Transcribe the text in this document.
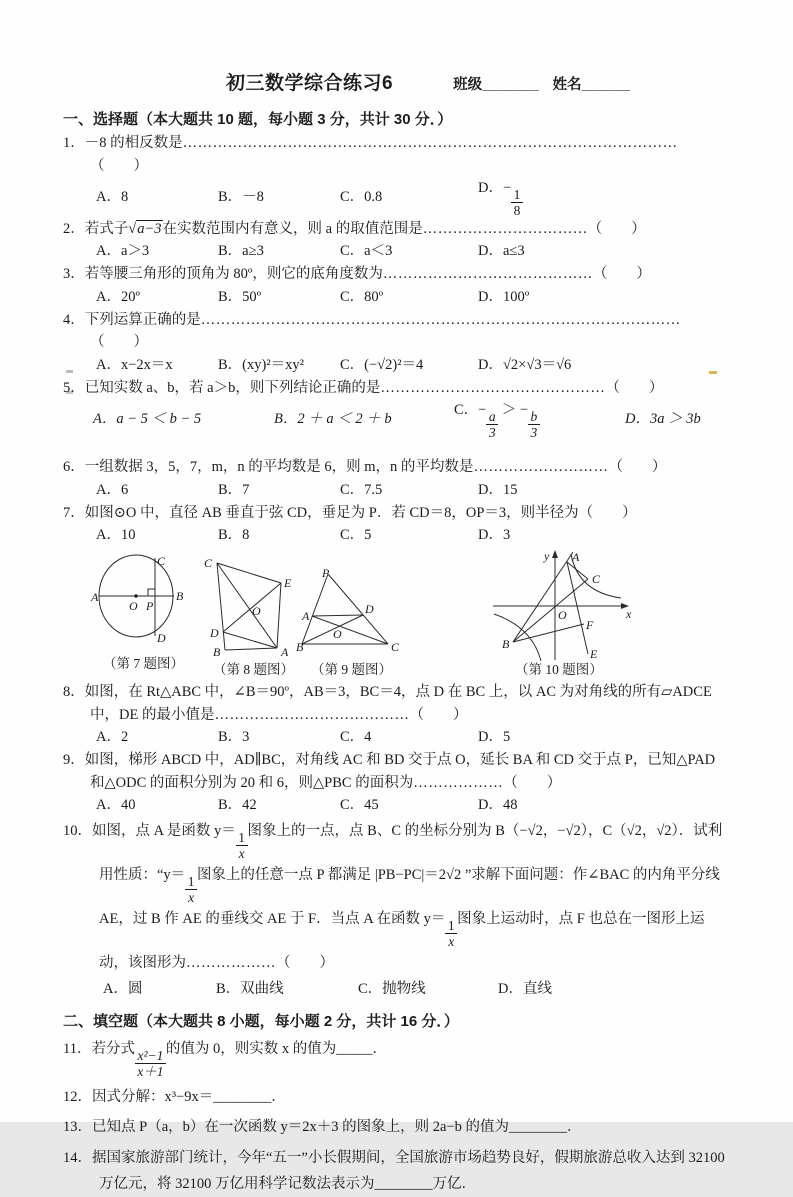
初三数学综合练习6	班级_______ 姓名______
一、选择题（本大题共 10 题，每小题 3 分，共计 30 分．）
1．－8 的相反数是………………………………………………………………………………………（　　）
A．8	B．－8	C．0.8
D．− $\frac{1}{8}$
2．若式子√a−3在实数范围内有意义，则 a 的取值范围是……………………………（　　）
A．a＞3	B．a≥3	C．a＜3	D．a≤3
3．若等腰三角形的顶角为 80º，则它的底角度数为……………………………………（　　）
A．20º	B．50º	C．80º	D．100º
4．下列运算正确的是……………………………………………………………………………………（　　）
A．x−2x＝x	B．(xy)²＝xy²	C．(−√2)²＝4	D．√2×√3＝√6
5．已知实数 a、b，若 a＞b，则下列结论正确的是………………………………………（　　）
A．a − 5 ＜ b − 5	B．2 ＋ a ＜ 2 ＋ b
C．− $\frac{a}{3}$ ＞ − $\frac{b}{3}$	D．3a ＞ 3b
6．一组数据 3，5，7，m，n 的平均数是 6，则 m，n 的平均数是………………………（　　）
A．6	B．7	C．7.5	D．15
7．如图⊙O 中，直径 AB 垂直于弦 CD，垂足为 P．若 CD＝8，OP＝3，则半径为（　　）
A．10	B．8	C．5	D．3
A	B
C
D
O P
C
E
D
B	A
O
P
B	C
A	D
O
y
x
A
C
O
F
B
E
（第 7 题图） （第 8 题图） （第 9 题图）	（第 10 题图）
8．如图，在 Rt△ABC 中，∠B＝90º，AB＝3，BC＝4，点 D 在 BC 上，以 AC 为对角线的所有▱ADCE 中，DE 的最小值是…………………………………（　　）
A．2	B．3	C．4	D．5
9．如图，梯形 ABCD 中，AD∥BC，对角线 AC 和 BD 交于点 O，延长 BA 和 CD 交于点 P，已知△PAD 和△ODC 的面积分别为 20 和 6，则△PBC 的面积为………………（　　）
A．40	B．42	C．45	D．48
10．如图，点 A 是函数 $y= \frac{1}{x}$ 图象上的一点，点 B、C 的坐标分别为 B（−√2，−√2），C（√2，√2）．试利用性质：“$y= \frac{1}{x}$ 图象上的任意一点 P 都满足 |PB−PC|＝2√2 ”求解下面问题：作∠BAC 的内角平分线AE，过 B 作 AE 的垂线交 AE 于 F．当点 A 在函数 $y= \frac{1}{x}$ 图象上运动时，点 F 也总在一图形上运动，该图形为………………（　　）
A．圆	B．双曲线	C．抛物线	D．直线
二、填空题（本大题共 8 小题，每小题 2 分，共计 16 分．）
11．若分式 $\frac{\text{x²−1}}{x+1}$ 的值为 0，则实数 x 的值为_____．
12．因式分解：x³−9x＝________．
13．已知点 P（a，b）在一次函数 y＝2x＋3 的图象上，则 2a−b 的值为________．
14．据国家旅游部门统计，今年“五一”小长假期间，全国旅游市场趋势良好，假期旅游总收入达到 32100 万亿元，将 32100 万亿用科学记数法表示为________万亿．
